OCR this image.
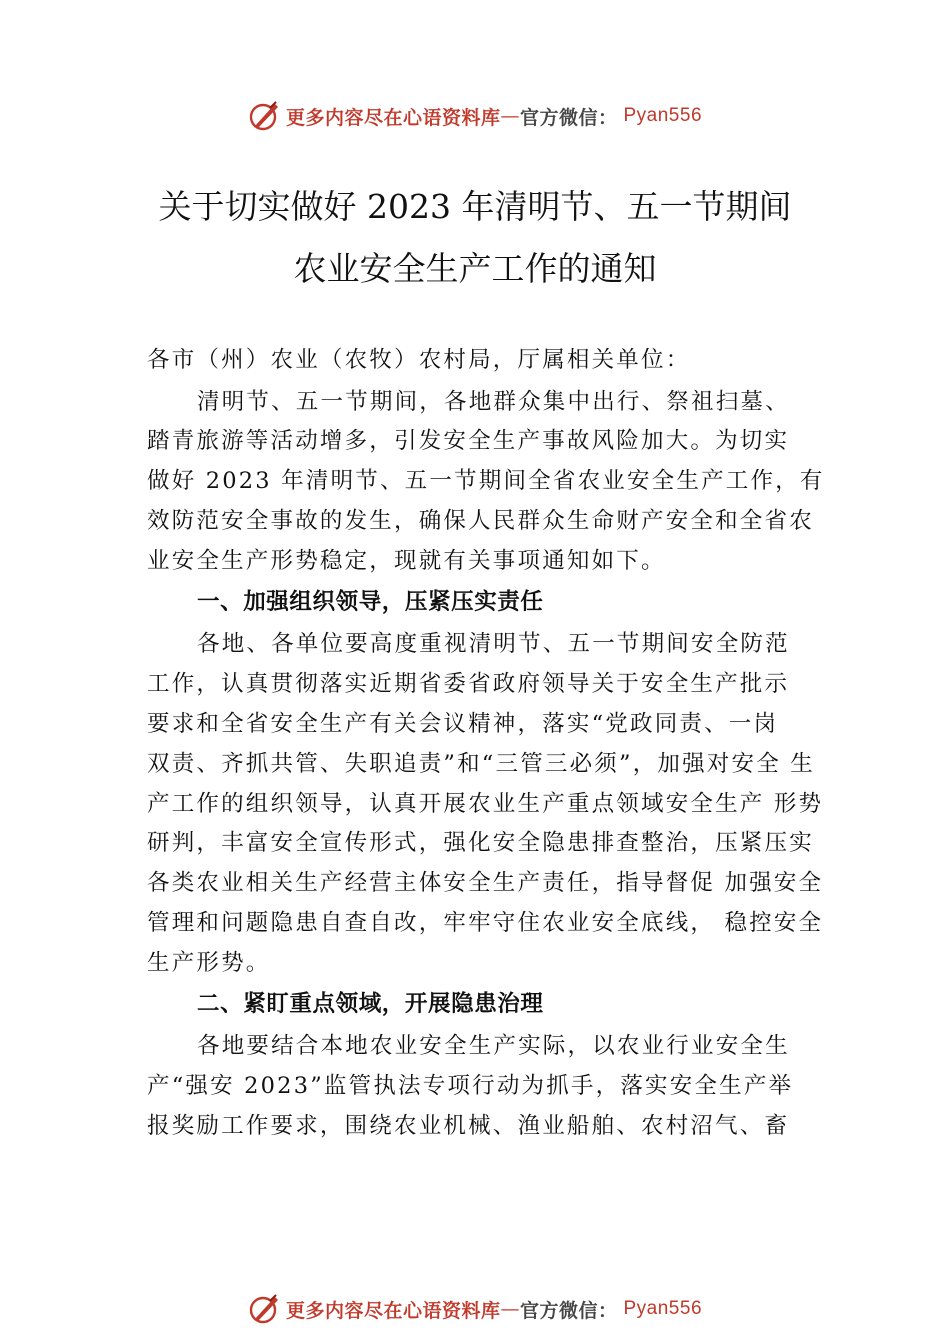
更多内容尽在心语资料库 — 官方微信： Pyan556
关于切实做好 2023 年清明节、五一节期间
农业安全生产工作的通知
各市（州）农业（农牧）农村局，厅属相关单位：
清明节、五一节期间，各地群众集中出行、祭祖扫墓、
踏青旅游等活动增多，引发安全生产事故风险加大。为切实
做好 2023 年清明节、五一节期间全省农业安全生产工作，有
效防范安全事故的发生，确保人民群众生命财产安全和全省农
业安全生产形势稳定，现就有关事项通知如下。
一、加强组织领导，压紧压实责任
各地、各单位要高度重视清明节、五一节期间安全防范
工作，认真贯彻落实近期省委省政府领导关于安全生产批示
要求和全省安全生产有关会议精神，落实“党政同责、一岗
双责、齐抓共管、失职追责”和“三管三必须”，加强对安全 生
产工作的组织领导，认真开展农业生产重点领域安全生产 形势
研判，丰富安全宣传形式，强化安全隐患排查整治，压紧压实
各类农业相关生产经营主体安全生产责任，指导督促 加强安全
管理和问题隐患自查自改，牢牢守住农业安全底线， 稳控安全
生产形势。
二、紧盯重点领域，开展隐患治理
各地要结合本地农业安全生产实际，以农业行业安全生
产“强安 2023”监管执法专项行动为抓手，落实安全生产举
报奖励工作要求，围绕农业机械、渔业船舶、农村沼气、畜
更多内容尽在心语资料库 — 官方微信： Pyan556
